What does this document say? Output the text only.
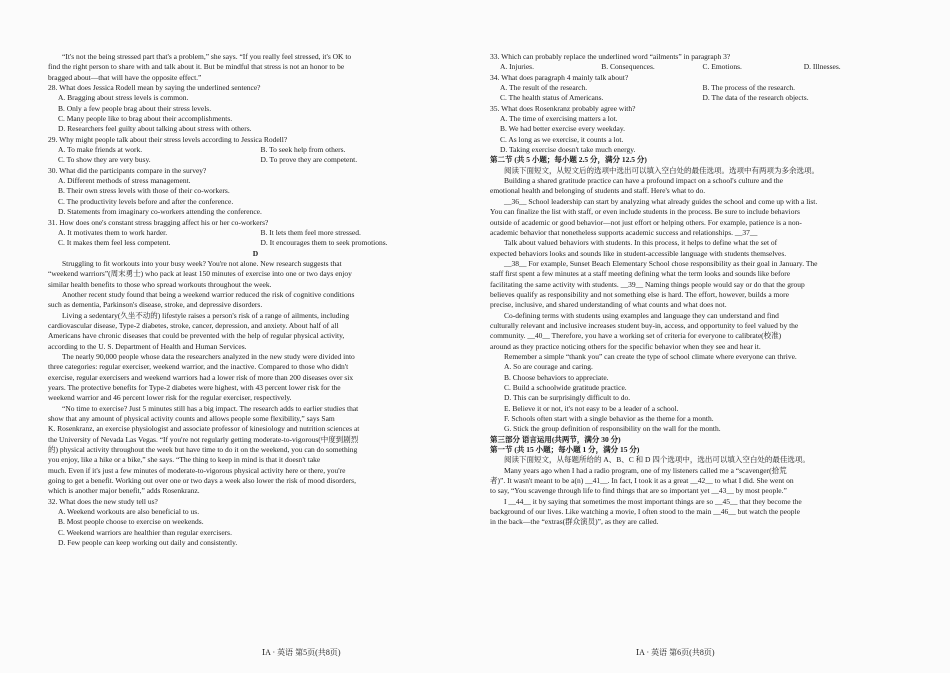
“It's not the being stressed part that's a problem,” she says. “If you really feel stressed, it's OK to
find the right person to share with and talk about it. But be mindful that stress is not an honor to be
bragged about—that will have the opposite effect.”
28. What does Jessica Rodell mean by saying the underlined sentence?
A. Bragging about stress levels is common.
B. Only a few people brag about their stress levels.
C. Many people like to brag about their accomplishments.
D. Researchers feel guilty about talking about stress with others.
29. Why might people talk about their stress levels according to Jessica Rodell?
A. To make friends at work.	B. To seek help from others.
C. To show they are very busy.	D. To prove they are competent.
30. What did the participants compare in the survey?
A. Different methods of stress management.
B. Their own stress levels with those of their co-workers.
C. The productivity levels before and after the conference.
D. Statements from imaginary co-workers attending the conference.
31. How does one's constant stress bragging affect his or her co-workers?
A. It motivates them to work harder.	B. It lets them feel more stressed.
C. It makes them feel less competent.	D. It encourages them to seek promotions.
D
Struggling to fit workouts into your busy week? You're not alone. New research suggests that
“weekend warriors”(周末勇士) who pack at least 150 minutes of exercise into one or two days enjoy
similar health benefits to those who spread workouts throughout the week.
Another recent study found that being a weekend warrior reduced the risk of cognitive conditions
such as dementia, Parkinson's disease, stroke, and depressive disorders.
Living a sedentary(久坐不动的) lifestyle raises a person's risk of a range of ailments, including
cardiovascular disease, Type-2 diabetes, stroke, cancer, depression, and anxiety. About half of all
Americans have chronic diseases that could be prevented with the help of regular physical activity,
according to the U. S. Department of Health and Human Services.
The nearly 90,000 people whose data the researchers analyzed in the new study were divided into
three categories: regular exerciser, weekend warrior, and the inactive. Compared to those who didn't
exercise, regular exercisers and weekend warriors had a lower risk of more than 200 diseases over six
years. The protective benefits for Type-2 diabetes were highest, with 43 percent lower risk for the
weekend warrior and 46 percent lower risk for the regular exerciser, respectively.
“No time to exercise? Just 5 minutes still has a big impact. The research adds to earlier studies that
show that any amount of physical activity counts and allows people some flexibility,” says Sam
K. Rosenkranz, an exercise physiologist and associate professor of kinesiology and nutrition sciences at
the University of Nevada Las Vegas. “If you're not regularly getting moderate-to-vigorous(中度到剧烈
的) physical activity throughout the week but have time to do it on the weekend, you can do something
you enjoy, like a hike or a bike,” she says. “The thing to keep in mind is that it doesn't take
much. Even if it's just a few minutes of moderate-to-vigorous physical activity here or there, you're
going to get a benefit. Working out over one or two days a week also lower the risk of mood disorders,
which is another major benefit,” adds Rosenkranz.
32. What does the new study tell us?
A. Weekend workouts are also beneficial to us.
B. Most people choose to exercise on weekends.
C. Weekend warriors are healthier than regular exercisers.
D. Few people can keep working out daily and consistently.
33. Which can probably replace the underlined word “ailments” in paragraph 3?
A. Injuries.	B. Consequences.	C. Emotions.	D. Illnesses.
34. What does paragraph 4 mainly talk about?
A. The result of the research.	B. The process of the research.
C. The health status of Americans.	D. The data of the research objects.
35. What does Rosenkranz probably agree with?
A. The time of exercising matters a lot.
B. We had better exercise every weekday.
C. As long as we exercise, it counts a lot.
D. Taking exercise doesn't take much energy.
第二节 (共 5 小题；每小题 2.5 分，满分 12.5 分)
阅读下面短文，从短文后的选项中选出可以填入空白处的最佳选项。选项中有两项为多余选项。
Building a shared gratitude practice can have a profound impact on a school's culture and the
emotional health and belonging of students and staff. Here's what to do.
__36__ School leadership can start by analyzing what already guides the school and come up with a list.
You can finalize the list with staff, or even include students in the process. Be sure to include behaviors
outside of academic or good behavior—not just effort or helping others. For example, patience is a non-
academic behavior that nonetheless supports academic success and relationships. __37__
Talk about valued behaviors with students. In this process, it helps to define what the set of
expected behaviors looks and sounds like in student-accessible language with students themselves.
__38__ For example, Sunset Beach Elementary School chose responsibility as their goal in January. The
staff first spent a few minutes at a staff meeting defining what the term looks and sounds like before
facilitating the same activity with students. __39__ Naming things people would say or do that the group
believes qualify as responsibility and not something else is hard. The effort, however, builds a more
precise, inclusive, and shared understanding of what counts and what does not.
Co-defining terms with students using examples and language they can understand and find
culturally relevant and inclusive increases student buy-in, access, and opportunity to feel valued by the
community. __40__ Therefore, you have a working set of criteria for everyone to calibrate(校准)
around as they practice noticing others for the specific behavior when they see and hear it.
Remember a simple “thank you” can create the type of school climate where everyone can thrive.
A. So are courage and caring.
B. Choose behaviors to appreciate.
C. Build a schoolwide gratitude practice.
D. This can be surprisingly difficult to do.
E. Believe it or not, it's not easy to be a leader of a school.
F. Schools often start with a single behavior as the theme for a month.
G. Stick the group definition of responsibility on the wall for the month.
第三部分 语言运用(共两节，满分 30 分)
第一节 (共 15 小题；每小题 1 分，满分 15 分)
阅读下面短文，从每题所给的 A、B、C 和 D 四个选项中，选出可以填入空白处的最佳选项。
Many years ago when I had a radio program, one of my listeners called me a “scavenger(拾荒
者)”. It wasn't meant to be a(n) __41__. In fact, I took it as a great __42__ to what I did. She went on
to say, “You scavenge through life to find things that are so important yet __43__ by most people.”
I __44__ it by saying that sometimes the most important things are so __45__ that they become the
background of our lives. Like watching a movie, I often stood to the main __46__ but watch the people
in the back—the “extras(群众演员)”, as they are called.
ⅠA · 英语 第5页(共8页)	ⅠA · 英语 第6页(共8页)
